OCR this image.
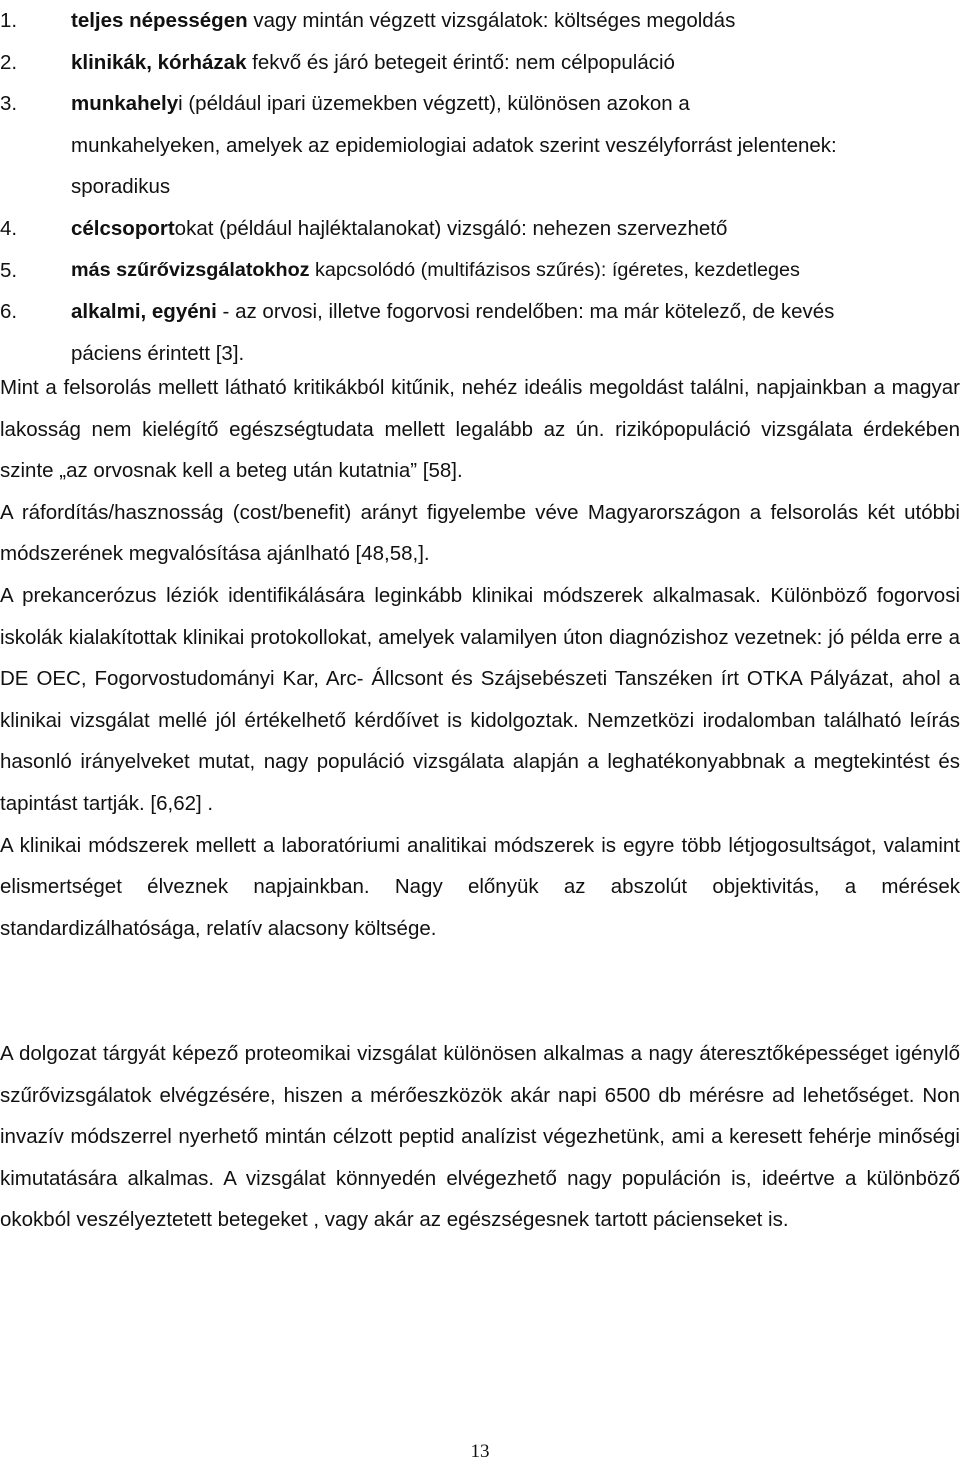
1.	teljes népességen vagy mintán végzett vizsgálatok: költséges megoldás
2.	klinikák, kórházak fekvő és járó betegeit érintő: nem célpopuláció
3.	munkahelyi (például ipari üzemekben végzett), különösen azokon a munkahelyeken, amelyek az epidemiologiai adatok szerint veszélyforrást jelentenek: sporadikus
4.	célcsoportokat (például hajléktalanokat) vizsgáló: nehezen szervezhető
5.	más szűrővizsgálatokhoz kapcsolódó (multifázisos szűrés): ígéretes, kezdetleges
6.	alkalmi, egyéni - az orvosi, illetve fogorvosi rendelőben: ma már kötelező, de kevés páciens érintett [3].
Mint a felsorolás mellett látható kritikákból kitűnik, nehéz ideális megoldást találni, napjainkban a magyar lakosság nem kielégítő egészségtudata mellett legalább az ún. rizikópopuláció vizsgálata érdekében szinte „az orvosnak kell a beteg után kutatnia” [58].
A ráfordítás/hasznosság (cost/benefit) arányt figyelembe véve Magyarországon a felsorolás két utóbbi módszerének megvalósítása ajánlható [48,58,].
A prekancerózus léziók identifikálására leginkább klinikai módszerek alkalmasak. Különböző fogorvosi iskolák kialakítottak klinikai protokollokat, amelyek valamilyen úton diagnózishoz vezetnek: jó példa erre a DE OEC, Fogorvostudományi Kar, Arc- Állcsont és Szájsebészeti Tanszéken írt OTKA Pályázat, ahol a klinikai vizsgálat mellé jól értékelhető kérdőívet is kidolgoztak. Nemzetközi irodalomban található leírás hasonló irányelveket mutat, nagy populáció vizsgálata alapján a leghatékonyabbnak a megtekintést és tapintást tartják. [6,62] .
A klinikai módszerek mellett a laboratóriumi analitikai módszerek is egyre több létjogosultságot, valamint elismertséget élveznek napjainkban. Nagy előnyük az abszolút objektivitás, a mérések standardizálhatósága, relatív alacsony költsége.
A dolgozat tárgyát képező proteomikai vizsgálat különösen alkalmas a nagy áteresztőképességet igénylő szűrővizsgálatok elvégzésére, hiszen a mérőeszközök akár napi 6500 db mérésre ad lehetőséget. Non invazív módszerrel nyerhető mintán célzott peptid analízist végezhetünk, ami a keresett fehérje minőségi kimutatására alkalmas. A vizsgálat könnyedén elvégezhető nagy populáción is, ideértve a különböző okokból veszélyeztetett betegeket , vagy akár az egészségesnek tartott pácienseket is.
13
